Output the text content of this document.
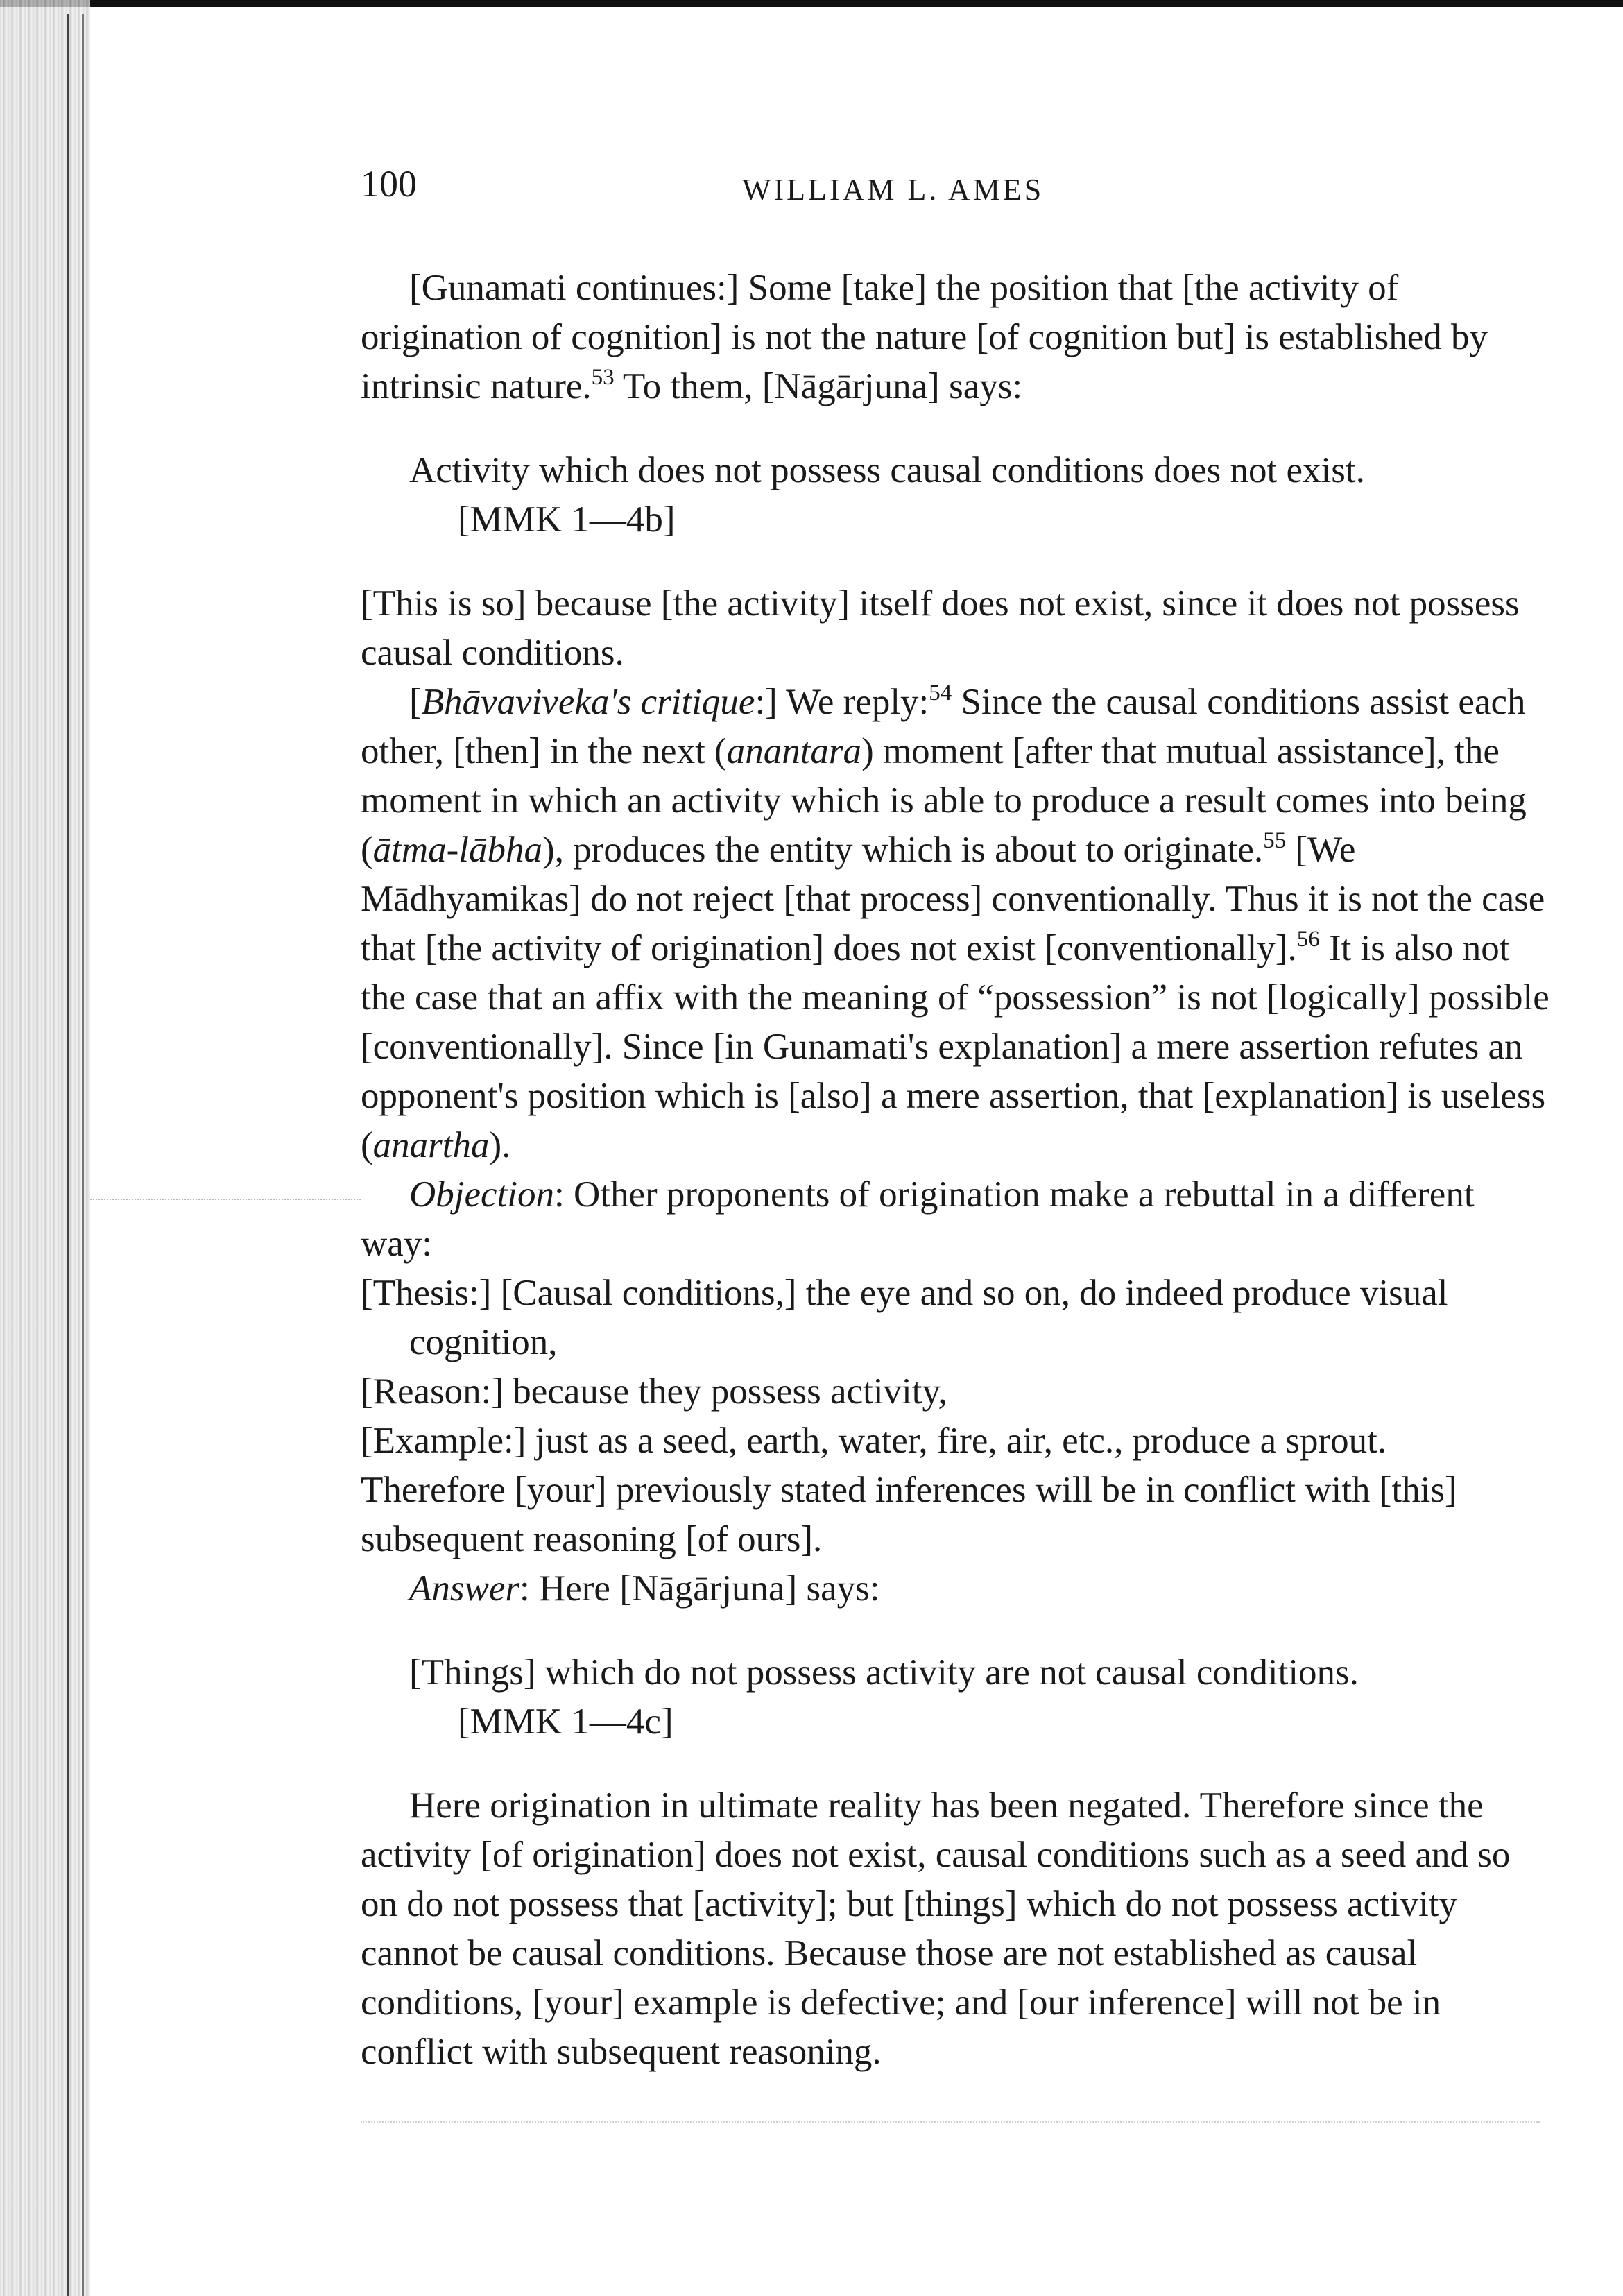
100	WILLIAM L. AMES

[Gunamati continues:] Some [take] the position that [the activity of origination of cognition] is not the nature [of cognition but] is established by intrinsic nature.$^{53}$ To them, [Nāgārjuna] says:

Activity which does not possess causal conditions does not exist.

[MMK 1—4b]

[This is so] because [the activity] itself does not exist, since it does not possess causal conditions.

[Bhāvaviveka's critique:] We reply:$^{54}$ Since the causal conditions assist each other, [then] in the next (anantara) moment [after that mutual assistance], the moment in which an activity which is able to produce a result comes into being (ātma-lābha), produces the entity which is about to originate.$^{55}$ [We Mādhyamikas] do not reject [that process] conventionally. Thus it is not the case that [the activity of origination] does not exist [conventionally].$^{56}$ It is also not the case that an affix with the meaning of “possession” is not [logically] possible [conventionally]. Since [in Gunamati's explanation] a mere assertion refutes an opponent's position which is [also] a mere assertion, that [explanation] is useless (anartha).

Objection: Other proponents of origination make a rebuttal in a different way:

[Thesis:] [Causal conditions,] the eye and so on, do indeed produce visual cognition,

[Reason:] because they possess activity,

[Example:] just as a seed, earth, water, fire, air, etc., produce a sprout.

Therefore [your] previously stated inferences will be in conflict with [this] subsequent reasoning [of ours].

Answer: Here [Nāgārjuna] says:

[Things] which do not possess activity are not causal conditions.

[MMK 1—4c]

Here origination in ultimate reality has been negated. Therefore since the activity [of origination] does not exist, causal conditions such as a seed and so on do not possess that [activity]; but [things] which do not possess activity cannot be causal conditions. Because those are not established as causal conditions, [your] example is defective; and [our inference] will not be in conflict with subsequent reasoning.
